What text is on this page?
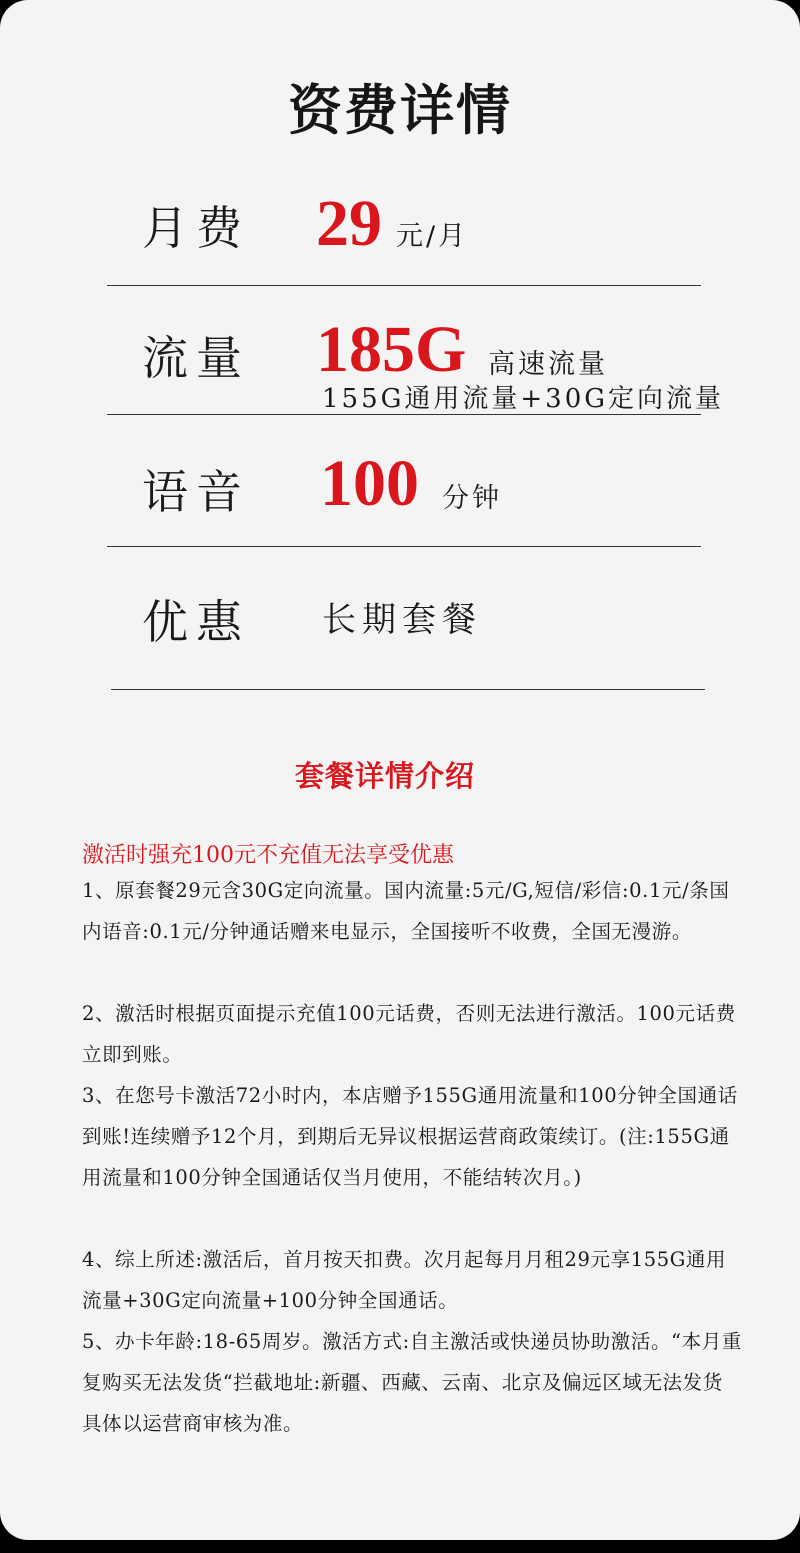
资费详情
月费 29 元/月
流量 185G 高速流量
155G通用流量+30G定向流量
语音 100 分钟
优惠 长期套餐
套餐详情介绍
激活时强充100元不充值无法享受优惠
1、原套餐29元含30G定向流量。国内流量:5元/G,短信/彩信:0.1元/条国内语音:0.1元/分钟通话赠来电显示，全国接听不收费，全国无漫游。
2、激活时根据页面提示充值100元话费，否则无法进行激活。100元话费立即到账。
3、在您号卡激活72小时内，本店赠予155G通用流量和100分钟全国通话到账!连续赠予12个月，到期后无异议根据运营商政策续订。(注:155G通用流量和100分钟全国通话仅当月使用，不能结转次月。)
4、综上所述:激活后，首月按天扣费。次月起每月月租29元享155G通用流量+30G定向流量+100分钟全国通话。
5、办卡年龄:18-65周岁。激活方式:自主激活或快递员协助激活。“本月重复购买无法发货“拦截地址:新疆、西藏、云南、北京及偏远区域无法发货具体以运营商审核为准。
